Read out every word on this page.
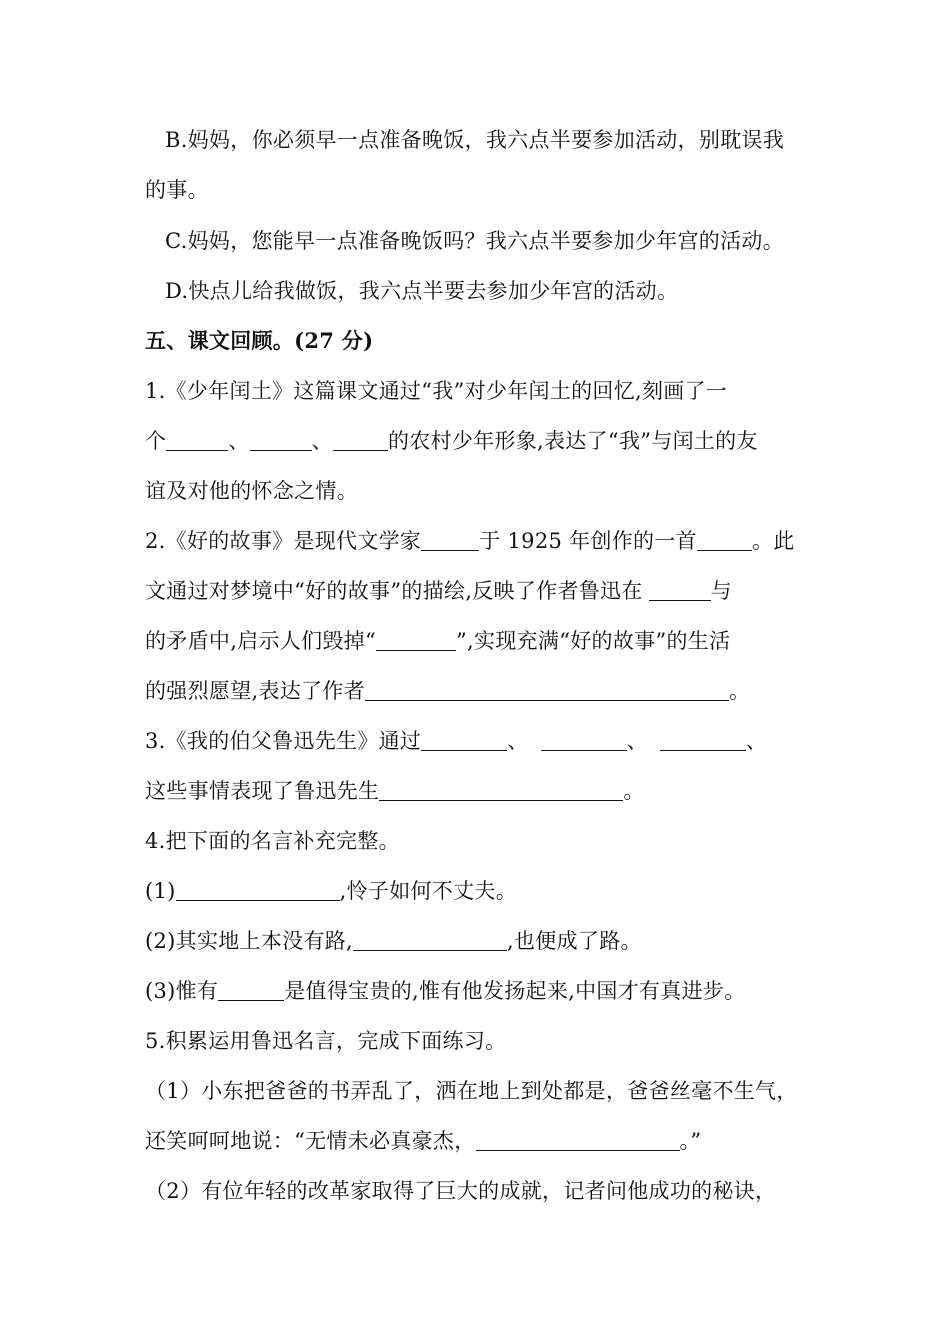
B.妈妈，你必须早一点准备晚饭，我六点半要参加活动，别耽误我
的事。
C.妈妈，您能早一点准备晚饭吗？我六点半要参加少年宫的活动。
D.快点儿给我做饭，我六点半要去参加少年宫的活动。
五、课文回顾。(27 分)
1.《少年闰土》这篇课文通过“我”对少年闰土的回忆,刻画了一
个	、	、	的农村少年形象,表达了“我”与闰土的友
谊及对他的怀念之情。
2.《好的故事》是现代文学家	于 1925 年创作的一首	。此
文通过对梦境中“好的故事”的描绘,反映了作者鲁迅在	与
的矛盾中,启示人们毁掉“	”,实现充满“好的故事”的生活
的强烈愿望,表达了作者	。
3.《我的伯父鲁迅先生》通过	、	、	、
这些事情表现了鲁迅先生	。
4.把下面的名言补充完整。
(1)	,怜子如何不丈夫。
(2)其实地上本没有路,	,也便成了路。
(3)惟有	是值得宝贵的,惟有他发扬起来,中国才有真进步。
5.积累运用鲁迅名言，完成下面练习。
（1）小东把爸爸的书弄乱了，洒在地上到处都是，爸爸丝毫不生气，
还笑呵呵地说：“无情未必真豪杰，	。”
（2）有位年轻的改革家取得了巨大的成就，记者问他成功的秘诀，
